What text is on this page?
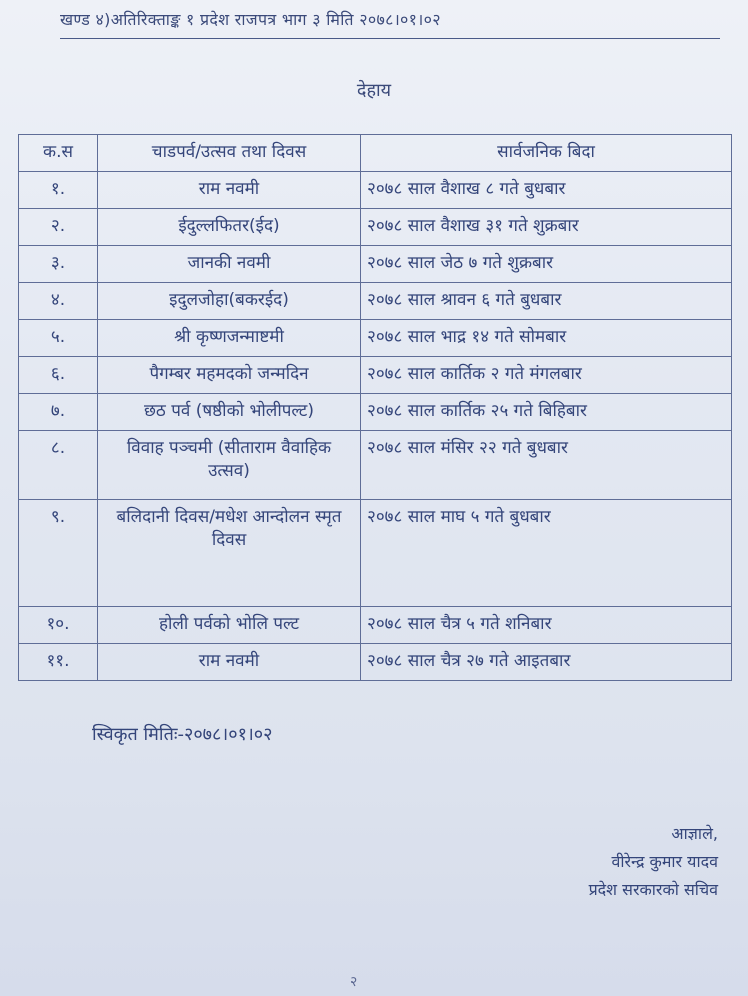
खण्ड ४)अतिरिक्ताङ्क १ प्रदेश राजपत्र भाग ३ मिति २०७८।०१।०२
देहाय
क.स	चाडपर्व/उत्सव तथा दिवस	सार्वजनिक बिदा
१.	राम नवमी	२०७८ साल वैशाख ८ गते बुधबार
२.	ईदुल्लफितर(ईद)	२०७८ साल वैशाख ३१ गते शुक्रबार
३.	जानकी नवमी	२०७८ साल जेठ ७ गते शुक्रबार
४.	इदुलजोहा(बकरईद)	२०७८ साल श्रावन ६ गते बुधबार
५.	श्री कृष्णजन्माष्टमी	२०७८ साल भाद्र १४ गते सोमबार
६.	पैगम्बर महमदको जन्मदिन	२०७८ साल कार्तिक २ गते मंगलबार
७.	छठ पर्व (षष्ठीको भोलीपल्ट)	२०७८ साल कार्तिक २५ गते बिहिबार
८.	विवाह पञ्चमी (सीताराम वैवाहिक उत्सव)	२०७८ साल मंसिर २२ गते बुधबार
९.	बलिदानी दिवस/मधेश आन्दोलन स्मृत दिवस	२०७८ साल माघ ५ गते बुधबार
१०.	होली पर्वको भोलि पल्ट	२०७८ साल चैत्र ५ गते शनिबार
११.	राम नवमी	२०७८ साल चैत्र २७ गते आइतबार
स्विकृत मितिः-२०७८।०१।०२
आज्ञाले,
वीरेन्द्र कुमार यादव
प्रदेश सरकारको सचिव
२
